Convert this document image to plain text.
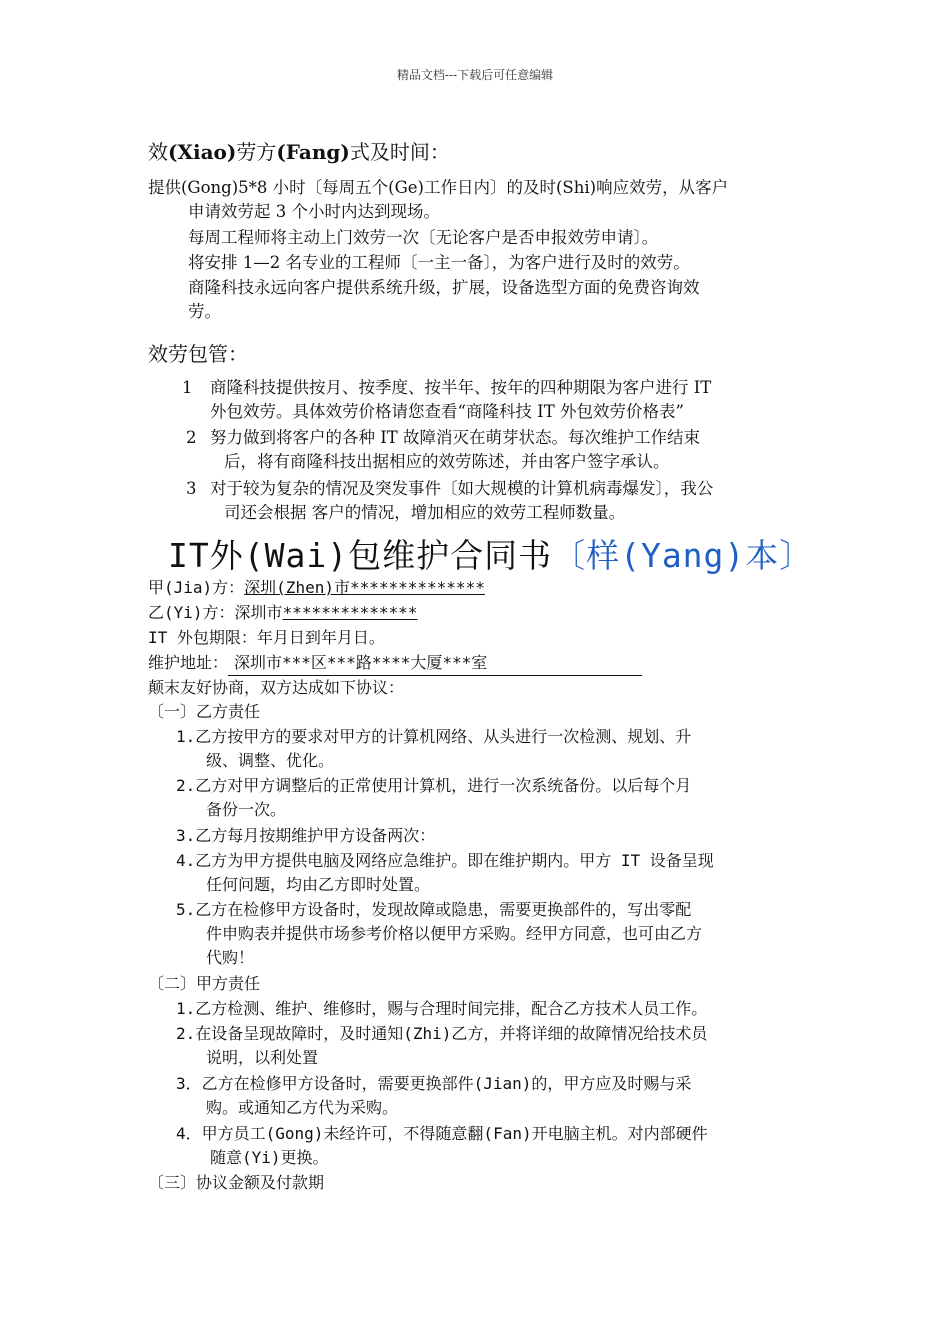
精品文档---下载后可任意编辑
效(Xiao)劳方(Fang)式及时间：
提供(Gong)5*8 小时〔每周五个(Ge)工作日内〕的及时(Shi)响应效劳，从客户
申请效劳起 3 个小时内达到现场。
每周工程师将主动上门效劳一次〔无论客户是否申报效劳申请〕。
将安排 1—2 名专业的工程师〔一主一备〕，为客户进行及时的效劳。
商隆科技永远向客户提供系统升级，扩展，设备选型方面的免费咨询效
劳。
效劳包管：
1 商隆科技提供按月、按季度、按半年、按年的四种期限为客户进行 IT
外包效劳。具体效劳价格请您查看“商隆科技 IT 外包效劳价格表”
2 努力做到将客户的各种 IT 故障消灭在萌芽状态。每次维护工作结束
后，将有商隆科技出据相应的效劳陈述，并由客户签字承认。
3 对于较为复杂的情况及突发事件〔如大规模的计算机病毒爆发〕，我公
司还会根据 客户的情况，增加相应的效劳工程师数量。
IT外(Wai)包维护合同书〔样(Yang)本〕
甲(Jia)方：深圳(Zhen)市**************
乙(Yi)方：深圳市**************
IT 外包期限：年月日到年月日。
维护地址： 深圳市***区***路****大厦***室
颠末友好协商，双方达成如下协议：
〔一〕乙方责任
1.乙方按甲方的要求对甲方的计算机网络、从头进行一次检测、规划、升
级、调整、优化。
2.乙方对甲方调整后的正常使用计算机，进行一次系统备份。以后每个月
备份一次。
3.乙方每月按期维护甲方设备两次：
4.乙方为甲方提供电脑及网络应急维护。即在维护期内。甲方 IT 设备呈现
任何问题，均由乙方即时处置。
5.乙方在检修甲方设备时，发现故障或隐患，需要更换部件的，写出零配
件申购表并提供市场参考价格以便甲方采购。经甲方同意，也可由乙方
代购！
〔二〕甲方责任
1.乙方检测、维护、维修时，赐与合理时间完排，配合乙方技术人员工作。
2.在设备呈现故障时，及时通知(Zhi)乙方，并将详细的故障情况给技术员
说明，以利处置
3．乙方在检修甲方设备时，需要更换部件(Jian)的，甲方应及时赐与采
购。或通知乙方代为采购。
4．甲方员工(Gong)未经许可，不得随意翻(Fan)开电脑主机。对内部硬件
随意(Yi)更换。
〔三〕协议金额及付款期
